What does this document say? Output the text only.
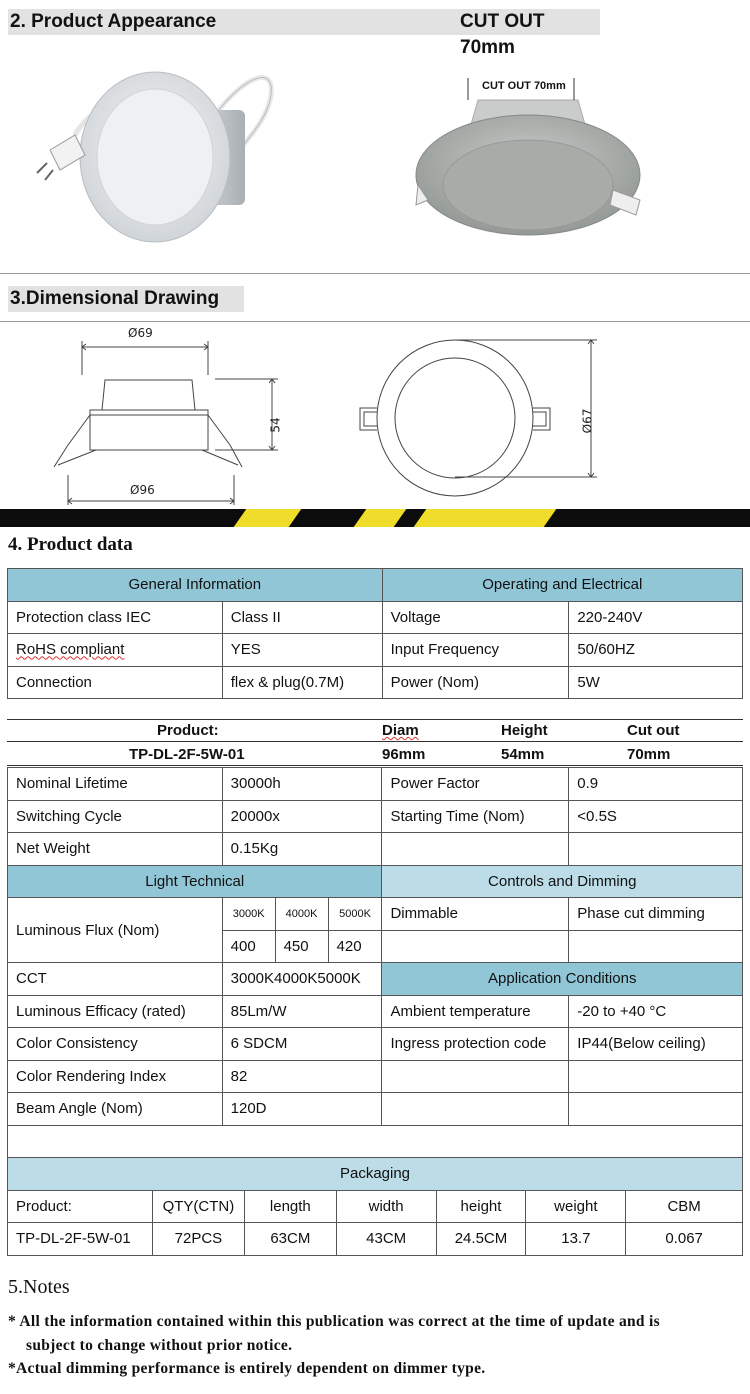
2. Product Appearance	CUT OUT 70mm
CUT OUT 70mm
3.Dimensional Drawing
Ø69
54
Ø96
Ø67
4. Product data
General Information		Operating and Electrical	
Protection class IEC	Class II	Voltage	220-240V
RoHS compliant	YES	Input Frequency	50/60HZ
Connection	flex & plug(0.7M)	Power (Nom)	5W
Product:	Diam	Height	Cut out
TP-DL-2F-5W-01	96mm	54mm	70mm
Nominal Lifetime	30000h			Power Factor	0.9
Switching Cycle	20000x			Starting Time (Nom)	<0.5S
Net Weight	0.15Kg				
Light Technical				Controls and Dimming	
Luminous Flux (Nom)	3000K	4000K	5000K	Dimmable	Phase cut dimming
	400	450	420		
CCT	3000K4000K5000K			Application Conditions	
Luminous Efficacy (rated)	85Lm/W			Ambient temperature	-20 to +40 °C
Color Consistency	6 SDCM			Ingress protection code	IP44(Below ceiling)
Color Rendering Index	82				
Beam Angle (Nom)	120D				

Packaging						
Product:	QTY(CTN)	length	width	height	weight	CBM
TP-DL-2F-5W-01	72PCS	63CM	43CM	24.5CM	13.7	0.067
5.Notes
* All the information contained within this publication was correct at the time of update and is
subject to change without prior notice.
*Actual dimming performance is entirely dependent on dimmer type.
